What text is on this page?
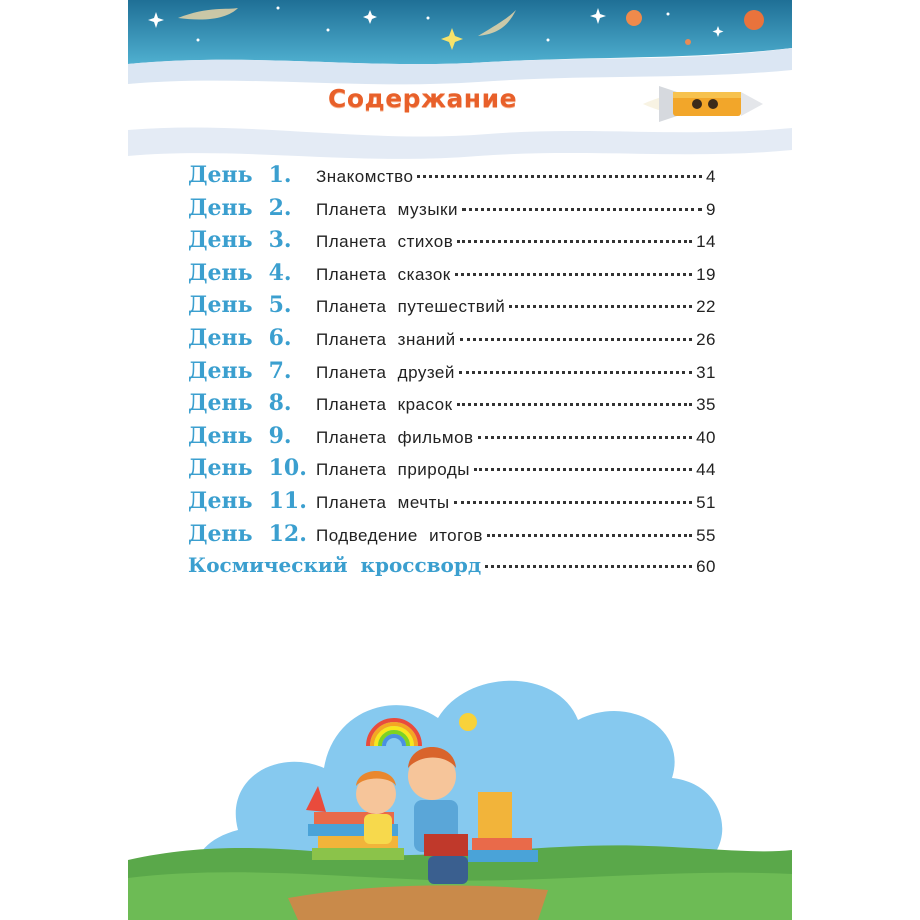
Содержание
День 1.	Знакомство	4
День 2.	Планета музыки	9
День 3.	Планета стихов	14
День 4.	Планета сказок	19
День 5.	Планета путешествий	22
День 6.	Планета знаний	26
День 7.	Планета друзей	31
День 8.	Планета красок	35
День 9.	Планета фильмов	40
День 10. Планета природы	44
День 11. Планета мечты	51
День 12. Подведение итогов	55
Космический кроссворд	60
